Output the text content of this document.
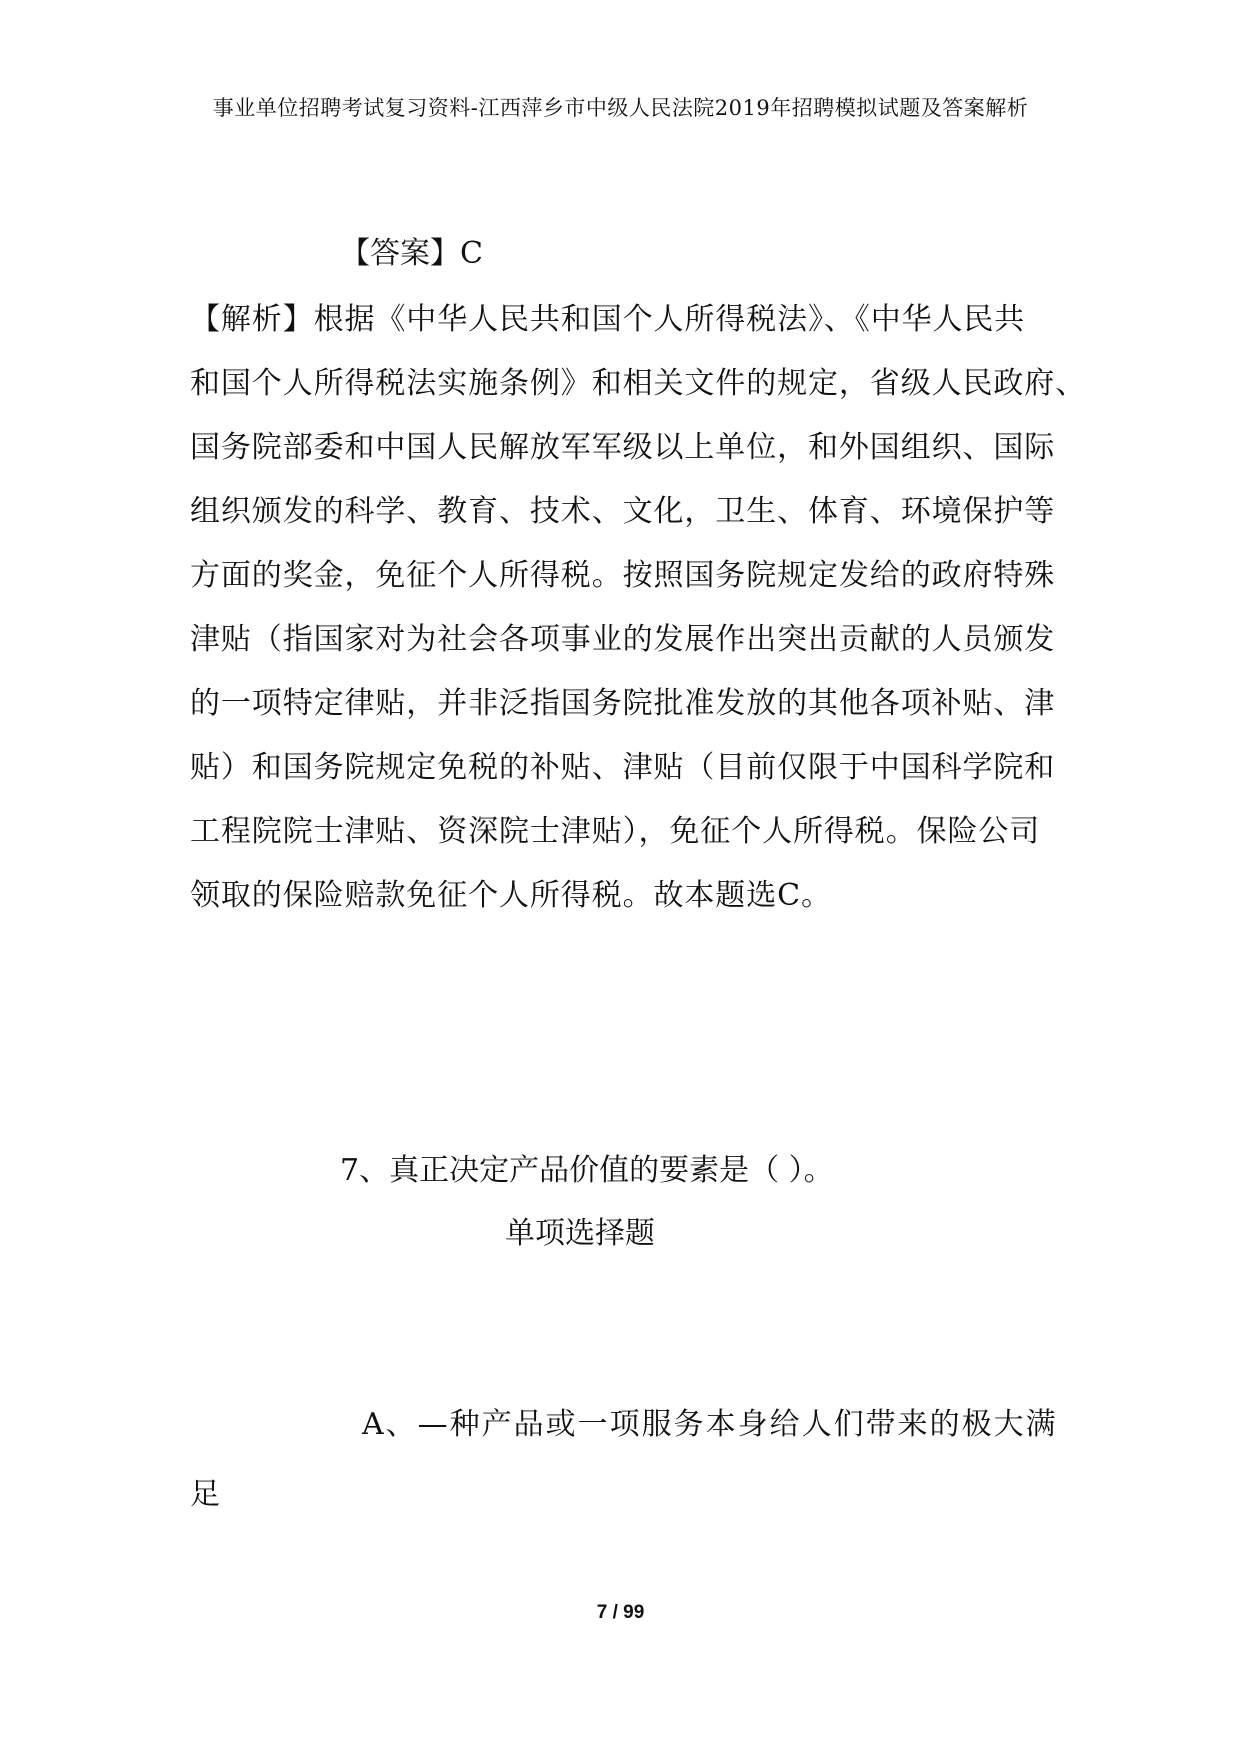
事业单位招聘考试复习资料-江西萍乡市中级人民法院2019年招聘模拟试题及答案解析
【答案】C
【解析】根据《中华人民共和国个人所得税法》、《中华人民共
和国个人所得税法实施条例》和相关文件的规定，省级人民政府、
国务院部委和中国人民解放军军级以上单位，和外国组织、国际
组织颁发的科学、教育、技术、文化，卫生、体育、环境保护等
方面的奖金，免征个人所得税。按照国务院规定发给的政府特殊
津贴（指国家对为社会各项事业的发展作出突出贡献的人员颁发
的一项特定律贴，并非泛指国务院批准发放的其他各项补贴、津
贴）和国务院规定免税的补贴、津贴（目前仅限于中国科学院和
工程院院士津贴、资深院士津贴），免征个人所得税。保险公司
领取的保险赔款免征个人所得税。故本题选C。
7、真正决定产品价值的要素是（ ）。
单项选择题
A、—种产品或一项服务本身给人们带来的极大满
足
7 / 99
